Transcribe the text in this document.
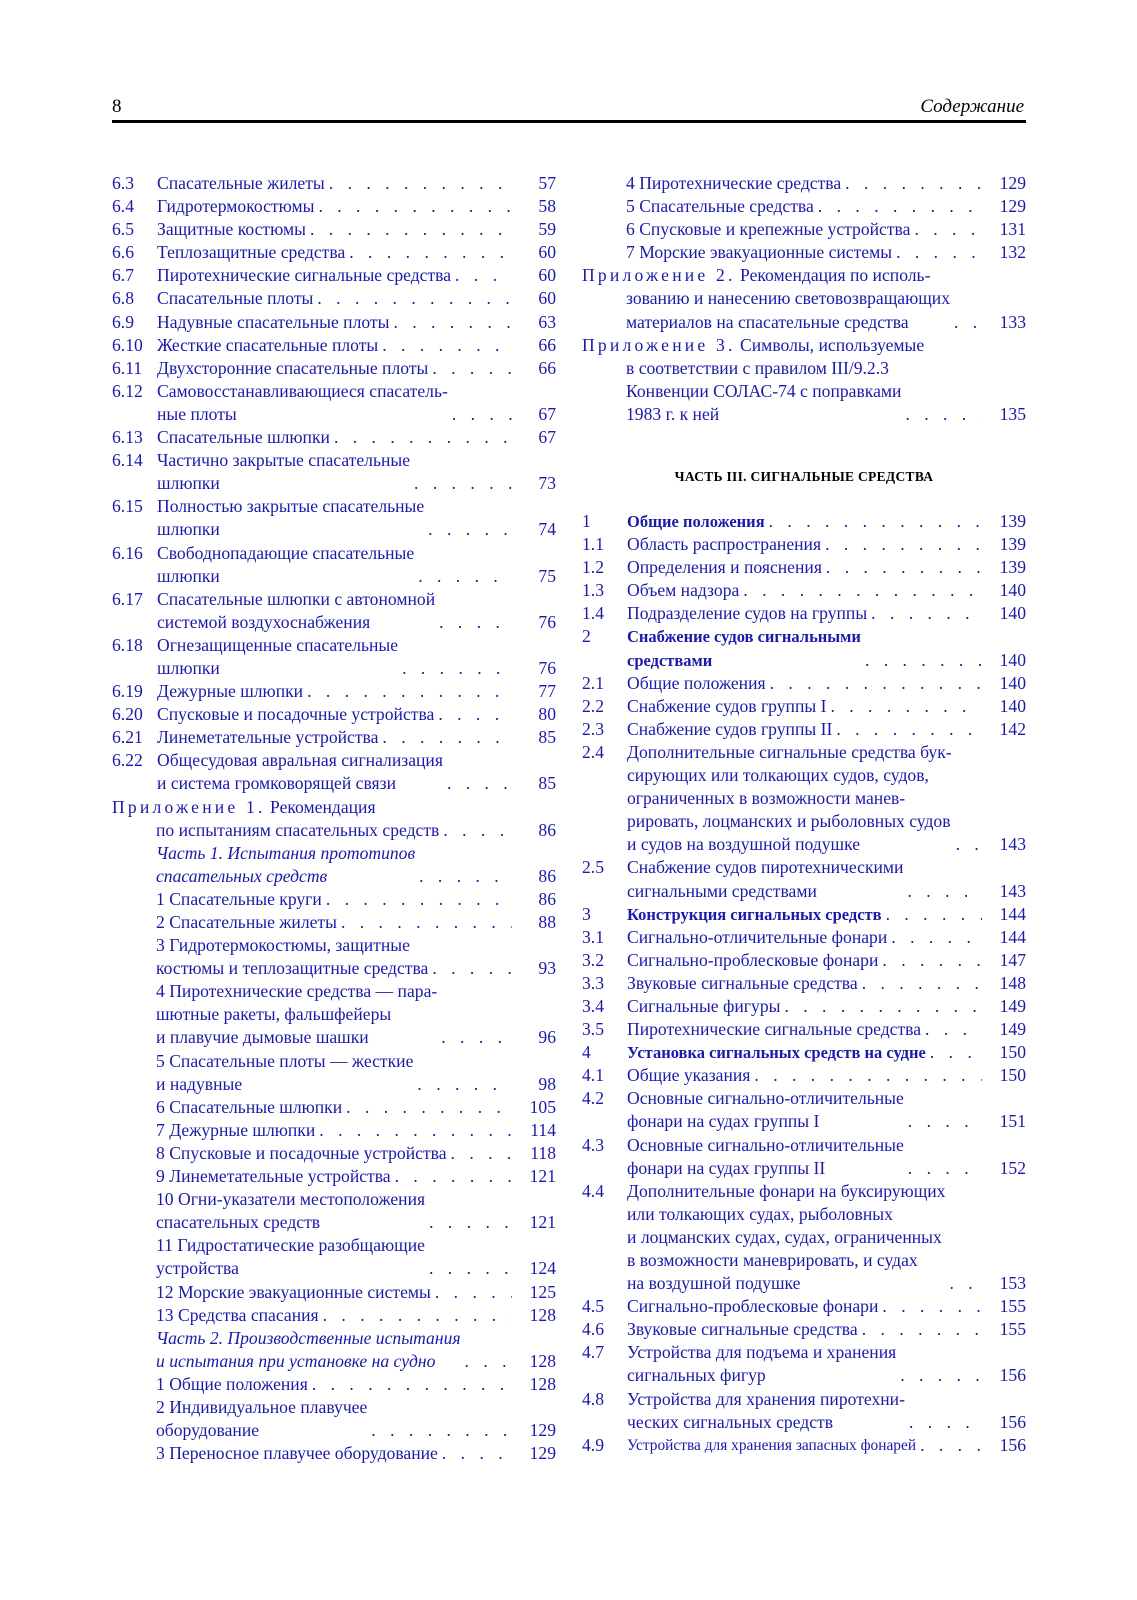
8	Содержание
6.3	Спасательные жилеты . . .	57
6.4	Гидротермокостюмы . . .	58
6.5	Защитные костюмы . . .	59
6.6	Теплозащитные средства . . .	60
6.7	Пиротехнические сигнальные средства . . .	60
6.8	Спасательные плоты . . .	60
6.9	Надувные спасательные плоты . . .	63
6.10 Жесткие спасательные плоты . . .	66
6.11 Двухсторонние спасательные плоты . . .	66
6.12 Самовосстанавливающиеся спасатель-
ные плоты . . .	67
6.13 Спасательные шлюпки . . .	67
6.14 Частично закрытые спасательные
шлюпки . . .	73
6.15 Полностью закрытые спасательные
шлюпки . . .	74
6.16 Свободнопадающие спасательные
шлюпки . . .	75
6.17 Спасательные шлюпки с автономной
системой воздухоснабжения . . .	76
6.18 Огнезащищенные спасательные
шлюпки . . .	76
6.19 Дежурные шлюпки . . .	77
6.20 Спусковые и посадочные устройства . . .	80
6.21 Линеметательные устройства . . .	85
6.22 Общесудовая авральная сигнализация
и система громковорящей связи . . .	85
Приложение 1. Рекомендация
по испытаниям спасательных средств . . .	86
Часть 1. Испытания прототипов
спасательных средств . . .	86
1 Спасательные круги . . .	86
2 Спасательные жилеты . . .	88
3 Гидротермокостюмы, защитные
костюмы и теплозащитные средства . . .	93
4 Пиротехнические средства — пара-
шютные ракеты, фальшфейеры
и плавучие дымовые шашки . . .	96
5 Спасательные плоты — жесткие
и надувные . . .	98
6 Спасательные шлюпки . . .	105
7 Дежурные шлюпки . . .	114
8 Спусковые и посадочные устройства . . .	118
9 Линеметательные устройства . . .	121
10 Огни-указатели местоположения
спасательных средств . . .	121
11 Гидростатические разобщающие
устройства . . .	124
12 Морские эвакуационные системы . . .	125
13 Средства спасания . . .	128
Часть 2. Производственные испытания
и испытания при установке на судно . . .	128
1 Общие положения . . .	128
2 Индивидуальное плавучее
оборудование . . .	129
3 Переносное плавучее оборудование . . .	129
4 Пиротехнические средства . . .	129
5 Спасательные средства . . .	129
6 Спусковые и крепежные устройства . . .	131
7 Морские эвакуационные системы . . .	132
Приложение 2. Рекомендация по исполь-
зованию и нанесению световозвращающих
материалов на спасательные средства . . .	133
Приложение 3. Символы, используемые
в соответствии с правилом III/9.2.3
Конвенции СОЛАС-74 с поправками
1983 г. к ней . . .	135
ЧАСТЬ III. СИГНАЛЬНЫЕ СРЕДСТВА
1	Общие положения . . .	139
1.1	Область распространения . . .	139
1.2	Определения и пояснения . . .	139
1.3	Объем надзора . . .	140
1.4	Подразделение судов на группы . . .	140
2	Снабжение судов сигнальными
средствами . . .	140
2.1	Общие положения . . .	140
2.2	Снабжение судов группы I . . .	140
2.3	Снабжение судов группы II . . .	142
2.4	Дополнительные сигнальные средства бук-
сирующих или толкающих судов, судов,
ограниченных в возможности манев-
рировать, лоцманских и рыболовных судов
и судов на воздушной подушке . . .	143
2.5	Снабжение судов пиротехническими
сигнальными средствами . . .	143
3	Конструкция сигнальных средств . . .	144
3.1	Сигнально-отличительные фонари . . .	144
3.2	Сигнально-проблесковые фонари . . .	147
3.3	Звуковые сигнальные средства . . .	148
3.4	Сигнальные фигуры . . .	149
3.5	Пиротехнические сигнальные средства . . .	149
4	Установка сигнальных средств на судне . . .	150
4.1	Общие указания . . .	150
4.2	Основные сигнально-отличительные
фонари на судах группы I . . .	151
4.3	Основные сигнально-отличительные
фонари на судах группы II . . .	152
4.4	Дополнительные фонари на буксирующих
или толкающих судах, рыболовных
и лоцманских судах, судах, ограниченных
в возможности маневрировать, и судах
на воздушной подушке . . .	153
4.5	Сигнально-проблесковые фонари . . .	155
4.6	Звуковые сигнальные средства . . .	155
4.7	Устройства для подъема и хранения
сигнальных фигур . . .	156
4.8	Устройства для хранения пиротехни-
ческих сигнальных средств . . .	156
4.9	Устройства для хранения запасных фонарей . . .	156
